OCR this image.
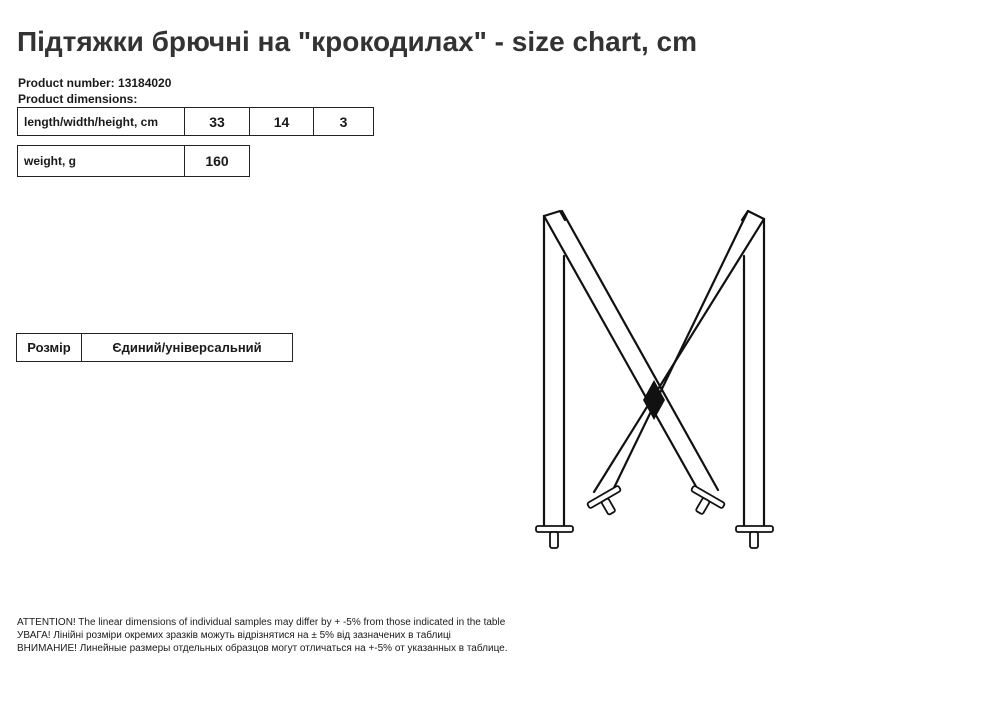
Підтяжки брючні на "крокодилах" - size chart, cm
Product number: 13184020
Product dimensions:
length/width/height, cm	33	14	3
weight, g	160
Розмір	Єдиний/універсальний
ATTENTION! The linear dimensions of individual samples may differ by + -5% from those indicated in the table
УВАГА! Лінійні розміри окремих зразків можуть відрізнятися на ± 5% від зазначених в таблиці
ВНИМАНИЕ! Линейные размеры отдельных образцов могут отличаться на +-5% от указанных в таблице.
